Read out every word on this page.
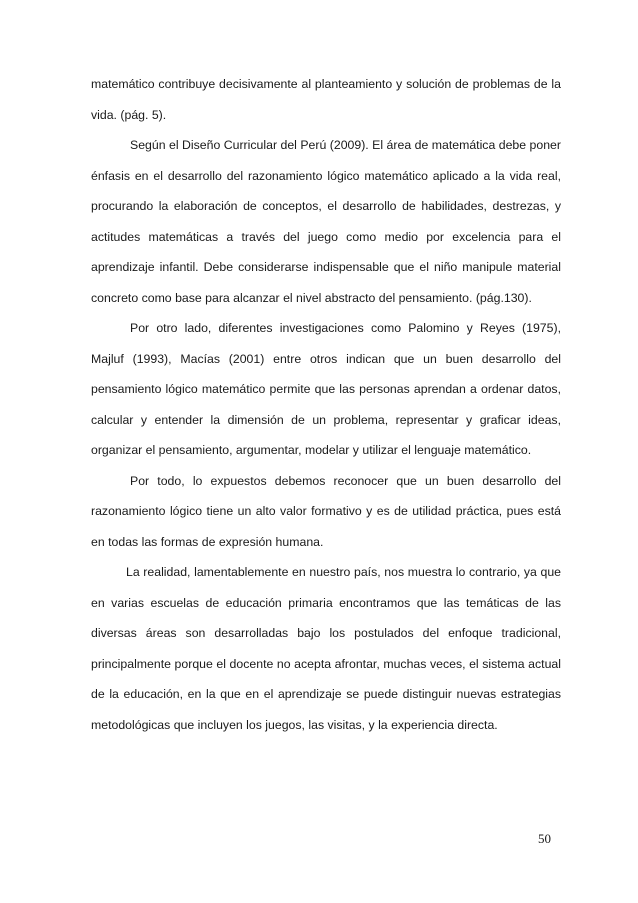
matemático contribuye decisivamente al planteamiento y solución de problemas de la vida. (pág. 5).

Según el Diseño Curricular del Perú (2009). El área de matemática debe poner énfasis en el desarrollo del razonamiento lógico matemático aplicado a la vida real, procurando la elaboración de conceptos, el desarrollo de habilidades, destrezas, y actitudes matemáticas a través del juego como medio por excelencia para el aprendizaje infantil. Debe considerarse indispensable que el niño manipule material concreto como base para alcanzar el nivel abstracto del pensamiento. (pág.130).

Por otro lado, diferentes investigaciones como Palomino y Reyes (1975), Majluf (1993), Macías (2001) entre otros indican que un buen desarrollo del pensamiento lógico matemático permite que las personas aprendan a ordenar datos, calcular y entender la dimensión de un problema, representar y graficar ideas, organizar el pensamiento, argumentar, modelar y utilizar el lenguaje matemático.

Por todo, lo expuestos debemos reconocer que un buen desarrollo del razonamiento lógico tiene un alto valor formativo y es de utilidad práctica, pues está en todas las formas de expresión humana.

La realidad, lamentablemente en nuestro país, nos muestra lo contrario, ya que en varias escuelas de educación primaria encontramos que las temáticas de las diversas áreas son desarrolladas bajo los postulados del enfoque tradicional, principalmente porque el docente no acepta afrontar, muchas veces, el sistema actual de la educación, en la que en el aprendizaje se puede distinguir nuevas estrategias metodológicas que incluyen los juegos, las visitas, y la experiencia directa.

50
